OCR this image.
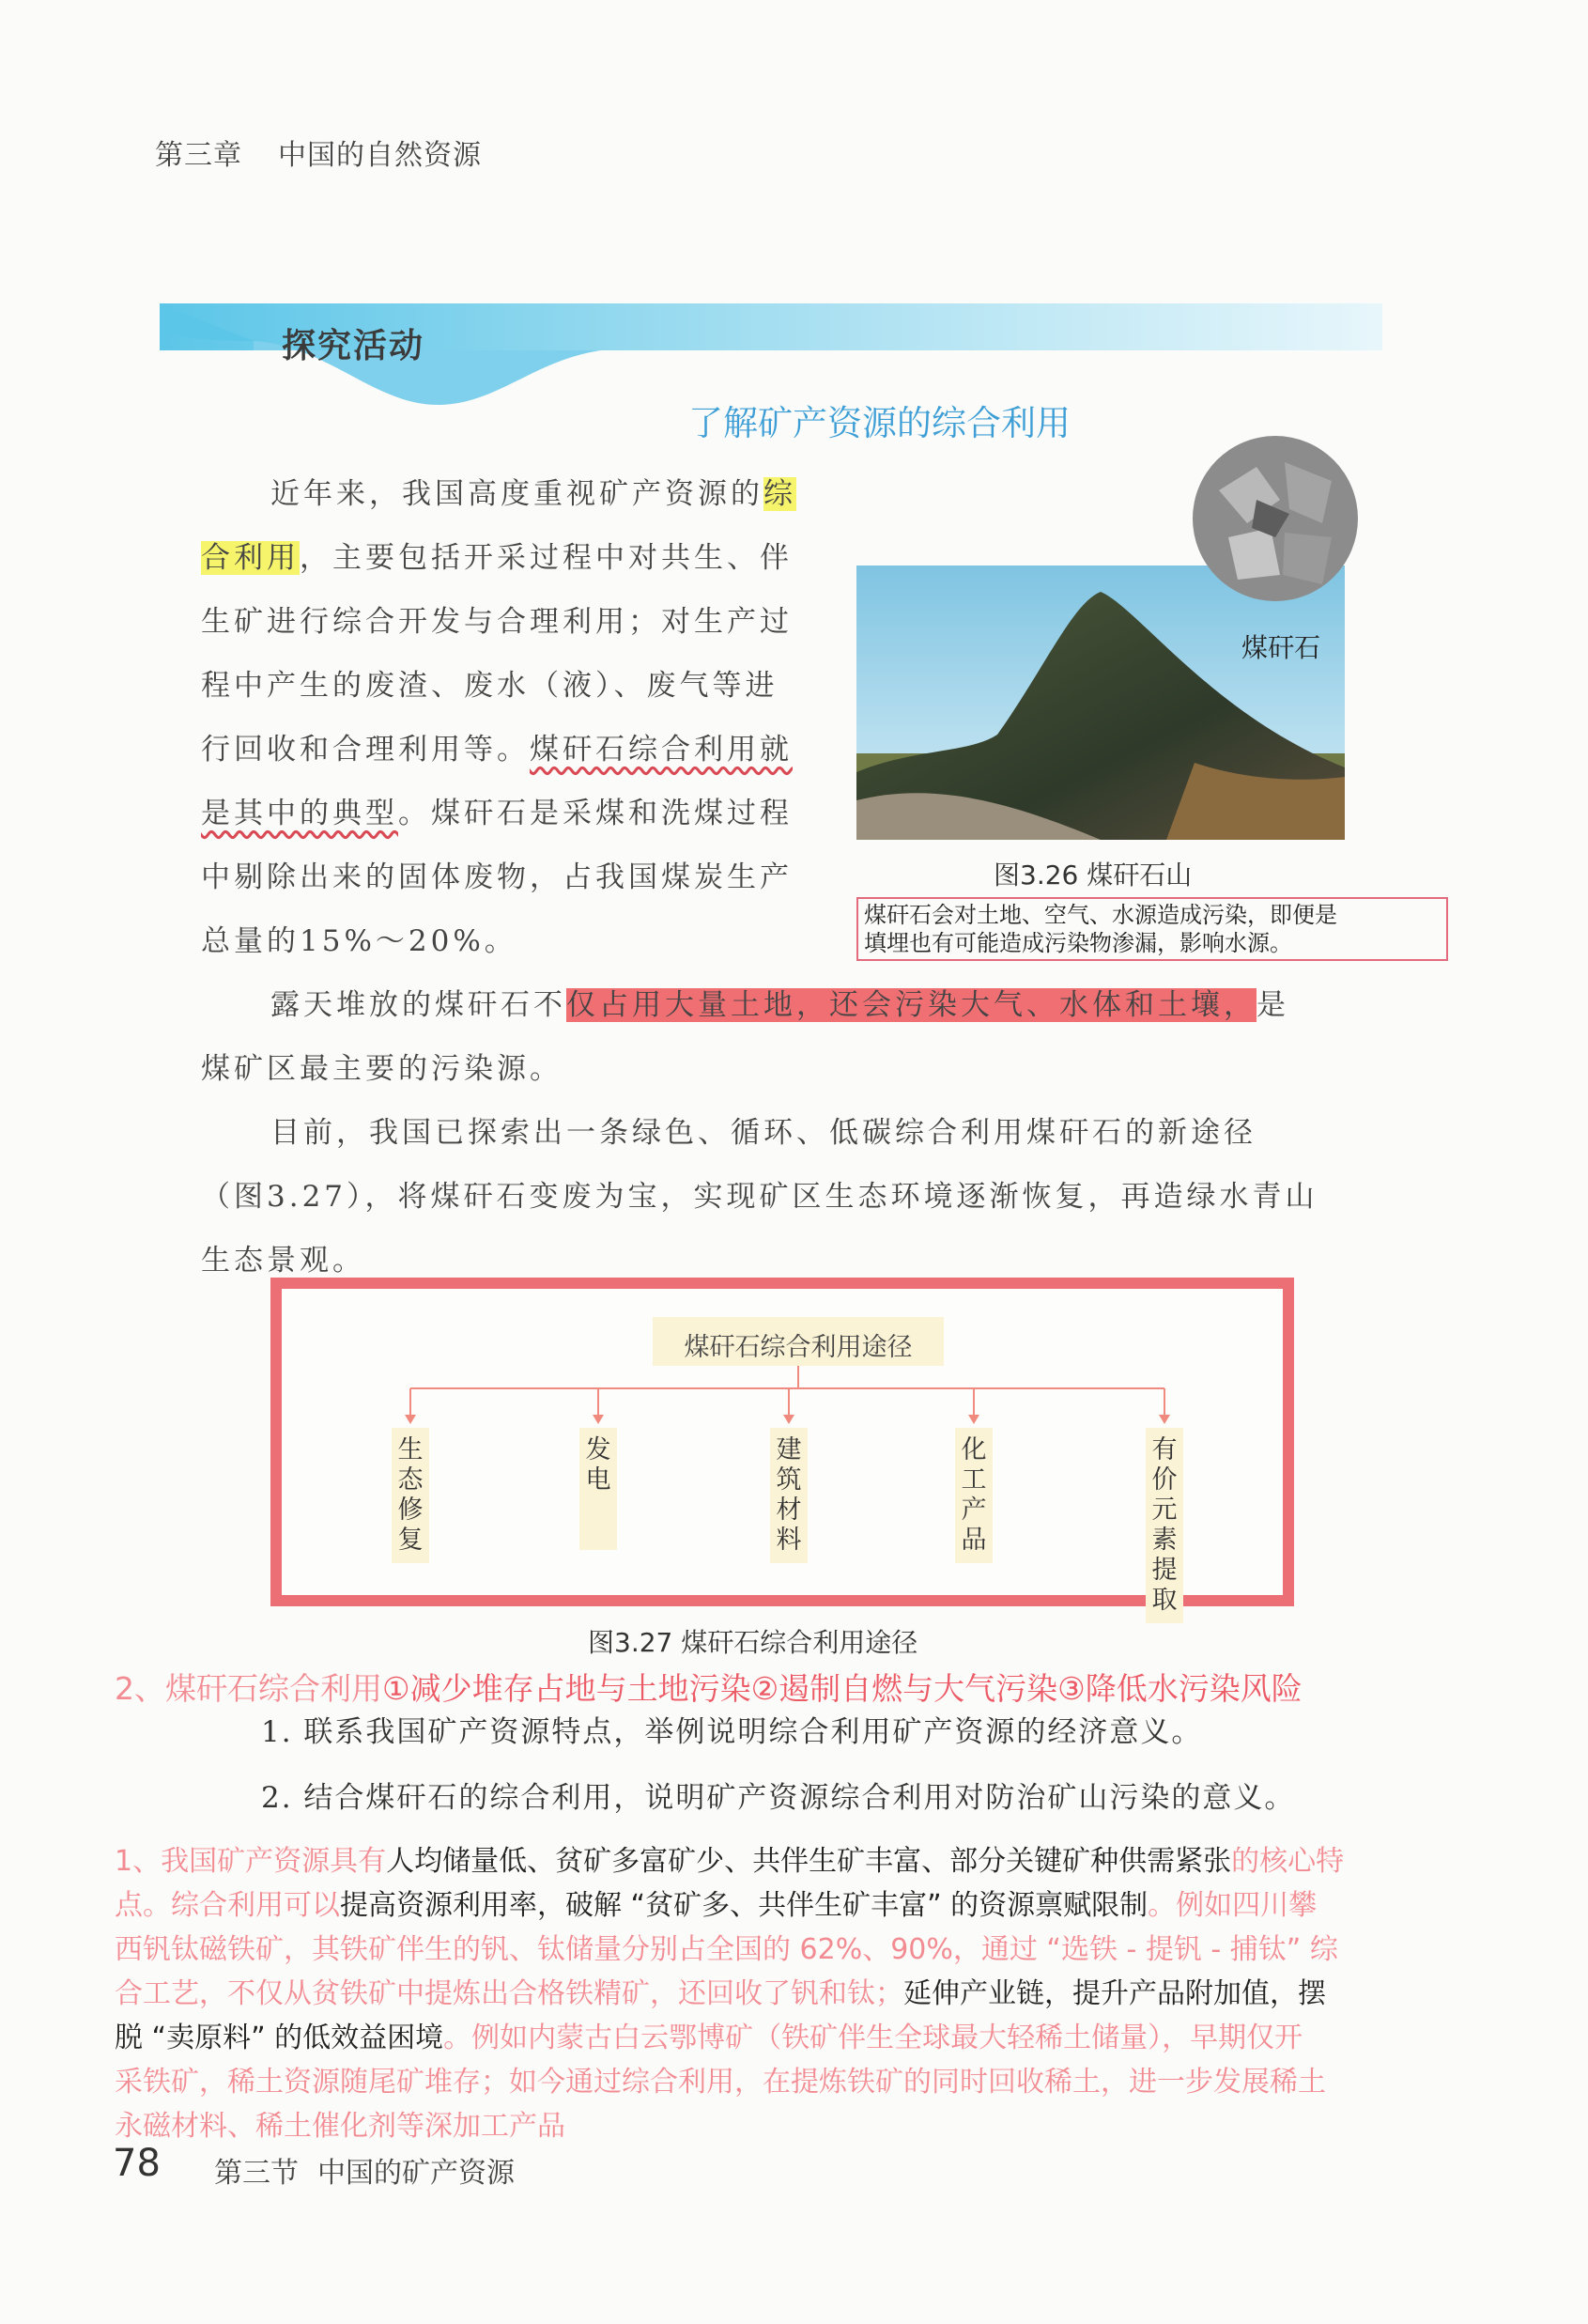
第三章 中国的自然资源
探究活动
了解矿产资源的综合利用
近年来，我国高度重视矿产资源的综
合利用，主要包括开采过程中对共生、伴
生矿进行综合开发与合理利用；对生产过
程中产生的废渣、废水（液）、废气等进
行回收和合理利用等。煤矸石综合利用就
是其中的典型。煤矸石是采煤和洗煤过程
中剔除出来的固体废物，占我国煤炭生产
总量的15%～20%。
煤矸石
图3.26 煤矸石山
煤矸石会对土地、空气、水源造成污染，即便是
填埋也有可能造成污染物渗漏，影响水源。
露天堆放的煤矸石不仅占用大量土地，还会污染大气、水体和土壤，是
煤矿区最主要的污染源。
目前，我国已探索出一条绿色、循环、低碳综合利用煤矸石的新途径
（图3.27），将煤矸石变废为宝，实现矿区生态环境逐渐恢复，再造绿水青山
生态景观。
煤矸石综合利用途径
生态修复
发电
建筑材料
化工产品
有价元素提取
图3.27 煤矸石综合利用途径
2、煤矸石综合利用①减少堆存占地与土地污染②遏制自燃与大气污染③降低水污染风险
1. 联系我国矿产资源特点，举例说明综合利用矿产资源的经济意义。
2. 结合煤矸石的综合利用，说明矿产资源综合利用对防治矿山污染的意义。
1、我国矿产资源具有人均储量低、贫矿多富矿少、共伴生矿丰富、部分关键矿种供需紧张的核心特
点。综合利用可以提高资源利用率，破解 “贫矿多、共伴生矿丰富” 的资源禀赋限制。例如四川攀
西钒钛磁铁矿，其铁矿伴生的钒、钛储量分别占全国的 62%、90%，通过 “选铁 - 提钒 - 捕钛” 综
合工艺，不仅从贫铁矿中提炼出合格铁精矿，还回收了钒和钛；延伸产业链，提升产品附加值，摆
脱 “卖原料” 的低效益困境。例如内蒙古白云鄂博矿（铁矿伴生全球最大轻稀土储量），早期仅开
采铁矿，稀土资源随尾矿堆存；如今通过综合利用，在提炼铁矿的同时回收稀土，进一步发展稀土
永磁材料、稀土催化剂等深加工产品
78 第三节 中国的矿产资源
